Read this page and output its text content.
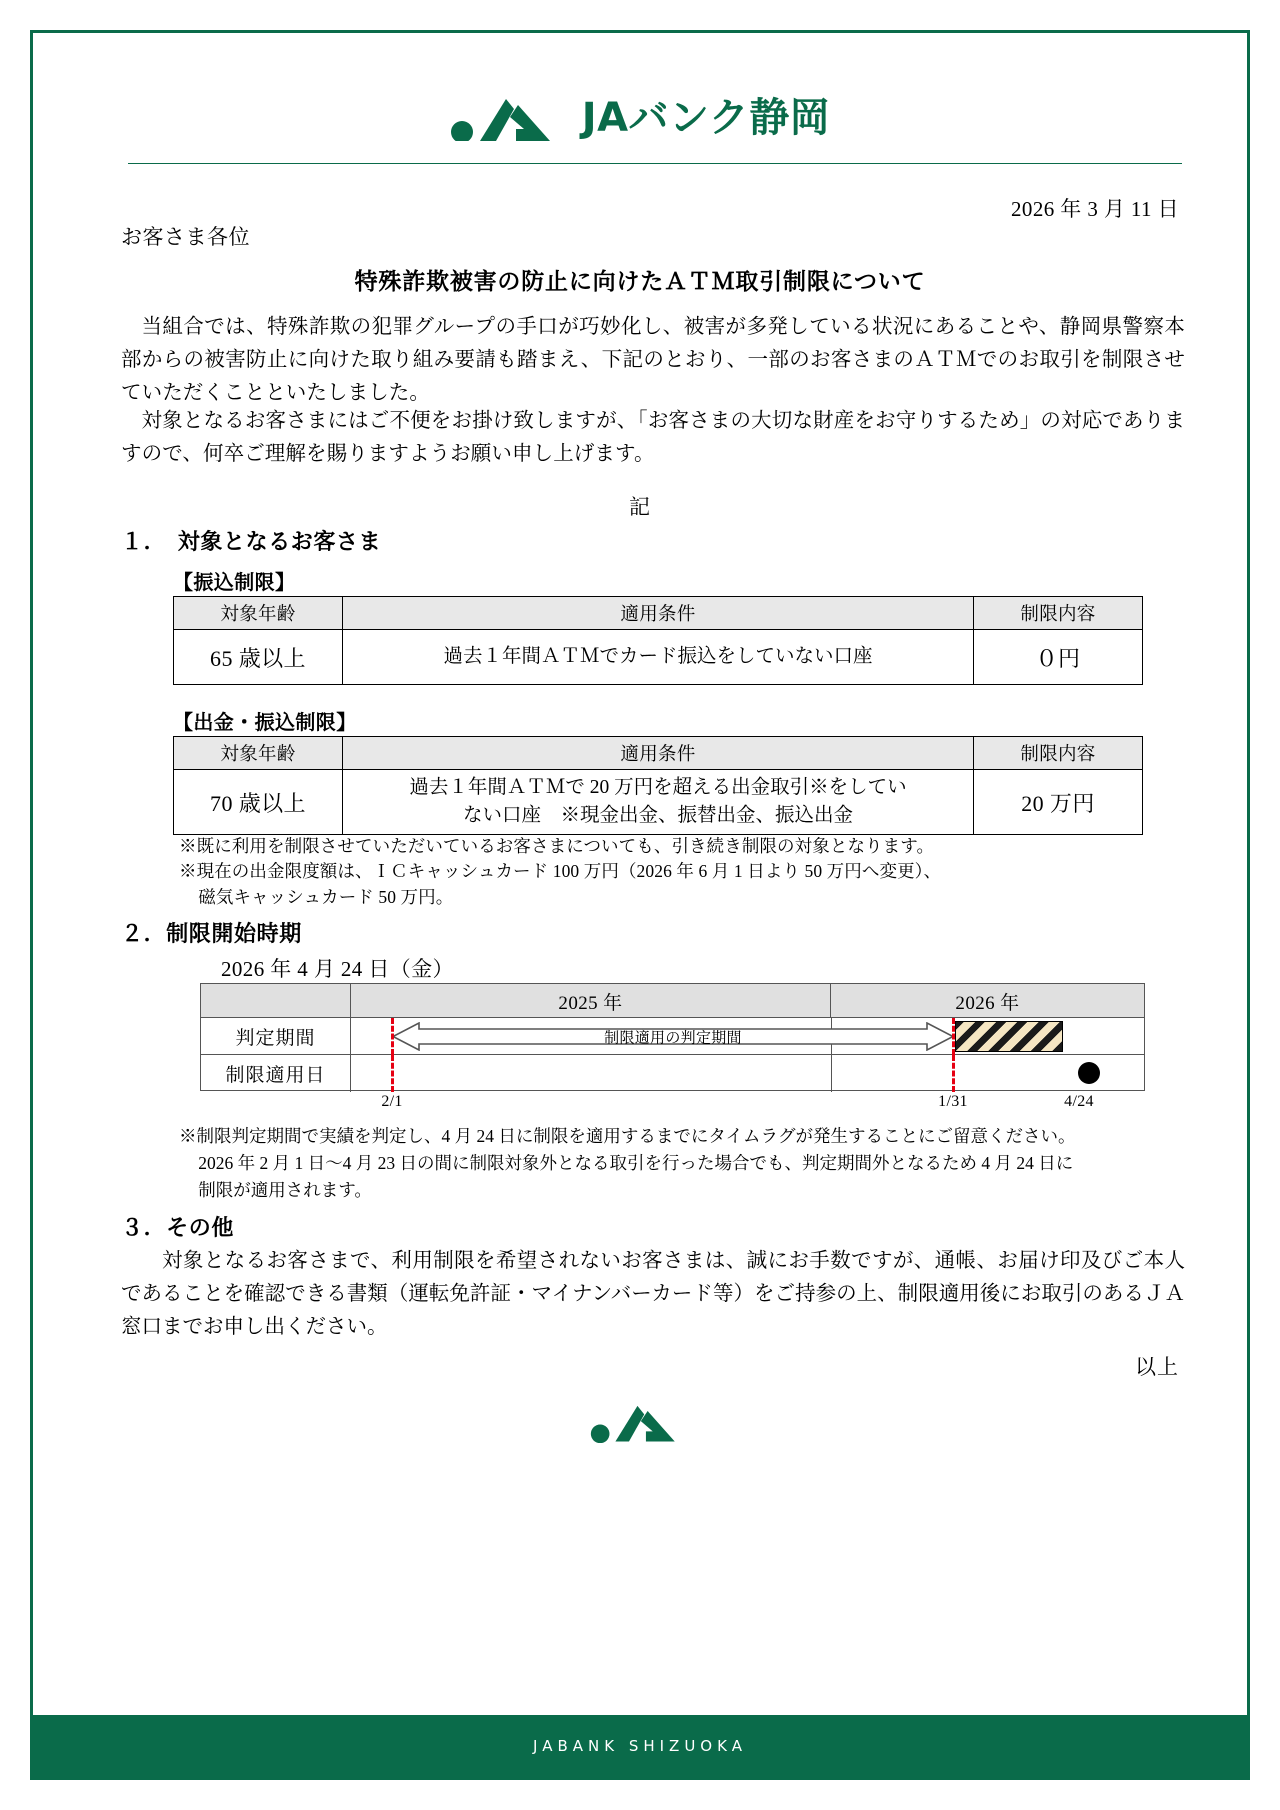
JAバンク静岡
2026 年 3 月 11 日
お客さま各位
特殊詐欺被害の防止に向けたＡＴＭ取引制限について
当組合では、特殊詐欺の犯罪グループの手口が巧妙化し、被害が多発している状況にあることや、静岡県警察本部からの被害防止に向けた取り組み要請も踏まえ、下記のとおり、一部のお客さまのＡＴＭでのお取引を制限させていただくことといたしました。
対象となるお客さまにはご不便をお掛け致しますが、「お客さまの大切な財産をお守りするため」の対応でありますので、何卒ご理解を賜りますようお願い申し上げます。
記
１．　対象となるお客さま
【振込制限】
対象年齢	適用条件	制限内容
65 歳以上	過去１年間ＡＴＭでカード振込をしていない口座	０円
【出金・振込制限】
対象年齢	適用条件	制限内容
70 歳以上	過去１年間ＡＴＭで 20 万円を超える出金取引※をしてい
ない口座　※現金出金、振替出金、振込出金	20 万円
※既に利用を制限させていただいているお客さまについても、引き続き制限の対象となります。
※現在の出金限度額は、ＩＣキャッシュカード 100 万円（2026 年 6 月 1 日より 50 万円へ変更）、
磁気キャッシュカード 50 万円。
２．制限開始時期
2026 年 4 月 24 日（金）
2025 年	2026 年
判定期間	制限適用の判定期間
制限適用日
2/1	1/31	4/24
※制限判定期間で実績を判定し、4 月 24 日に制限を適用するまでにタイムラグが発生することにご留意ください。
2026 年 2 月 1 日〜4 月 23 日の間に制限対象外となる取引を行った場合でも、判定期間外となるため 4 月 24 日に
制限が適用されます。
３．その他
対象となるお客さまで、利用制限を希望されないお客さまは、誠にお手数ですが、通帳、お届け印及びご本人であることを確認できる書類（運転免許証・マイナンバーカード等）をご持参の上、制限適用後にお取引のあるＪＡ窓口までお申し出ください。
以上
JABANK SHIZUOKA
